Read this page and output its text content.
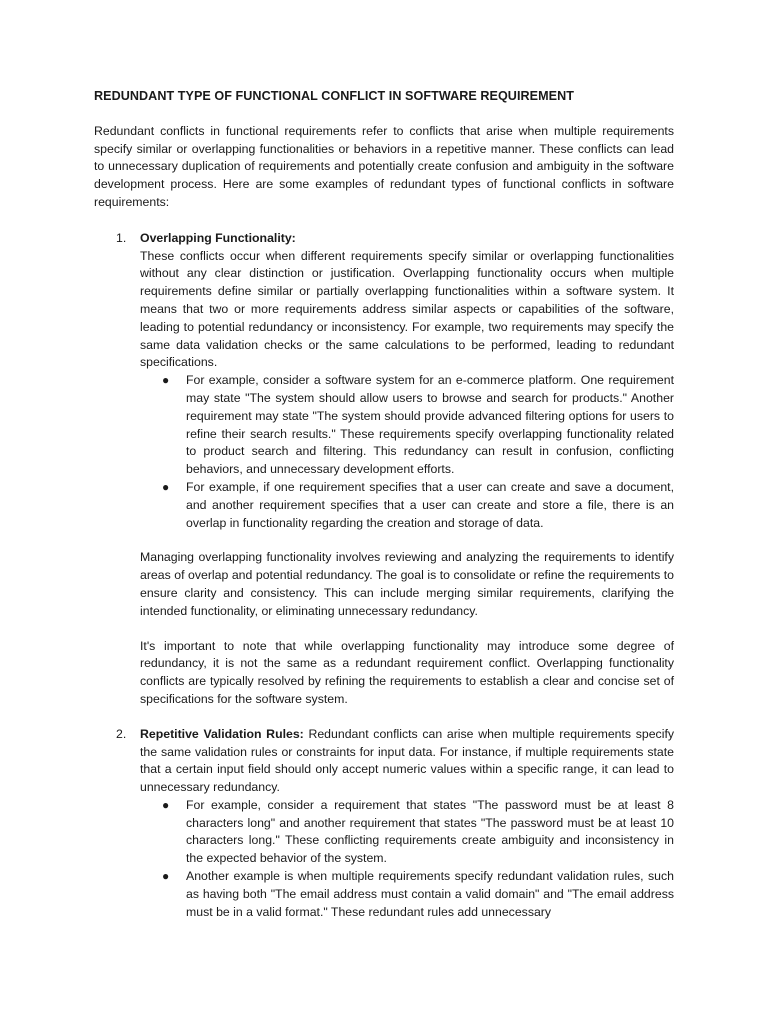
REDUNDANT TYPE OF FUNCTIONAL CONFLICT IN SOFTWARE REQUIREMENT

Redundant conflicts in functional requirements refer to conflicts that arise when multiple requirements specify similar or overlapping functionalities or behaviors in a repetitive manner. These conflicts can lead to unnecessary duplication of requirements and potentially create confusion and ambiguity in the software development process. Here are some examples of redundant types of functional conflicts in software requirements:

1. Overlapping Functionality:

These conflicts occur when different requirements specify similar or overlapping functionalities without any clear distinction or justification. Overlapping functionality occurs when multiple requirements define similar or partially overlapping functionalities within a software system. It means that two or more requirements address similar aspects or capabilities of the software, leading to potential redundancy or inconsistency. For example, two requirements may specify the same data validation checks or the same calculations to be performed, leading to redundant specifications.

● For example, consider a software system for an e-commerce platform. One requirement may state "The system should allow users to browse and search for products." Another requirement may state "The system should provide advanced filtering options for users to refine their search results." These requirements specify overlapping functionality related to product search and filtering. This redundancy can result in confusion, conflicting behaviors, and unnecessary development efforts.
● For example, if one requirement specifies that a user can create and save a document, and another requirement specifies that a user can create and store a file, there is an overlap in functionality regarding the creation and storage of data.

Managing overlapping functionality involves reviewing and analyzing the requirements to identify areas of overlap and potential redundancy. The goal is to consolidate or refine the requirements to ensure clarity and consistency. This can include merging similar requirements, clarifying the intended functionality, or eliminating unnecessary redundancy.

It's important to note that while overlapping functionality may introduce some degree of redundancy, it is not the same as a redundant requirement conflict. Overlapping functionality conflicts are typically resolved by refining the requirements to establish a clear and concise set of specifications for the software system.

2. Repetitive Validation Rules: Redundant conflicts can arise when multiple requirements specify the same validation rules or constraints for input data. For instance, if multiple requirements state that a certain input field should only accept numeric values within a specific range, it can lead to unnecessary redundancy.

● For example, consider a requirement that states "The password must be at least 8 characters long" and another requirement that states "The password must be at least 10 characters long." These conflicting requirements create ambiguity and inconsistency in the expected behavior of the system.
● Another example is when multiple requirements specify redundant validation rules, such as having both "The email address must contain a valid domain" and "The email address must be in a valid format." These redundant rules add unnecessary
